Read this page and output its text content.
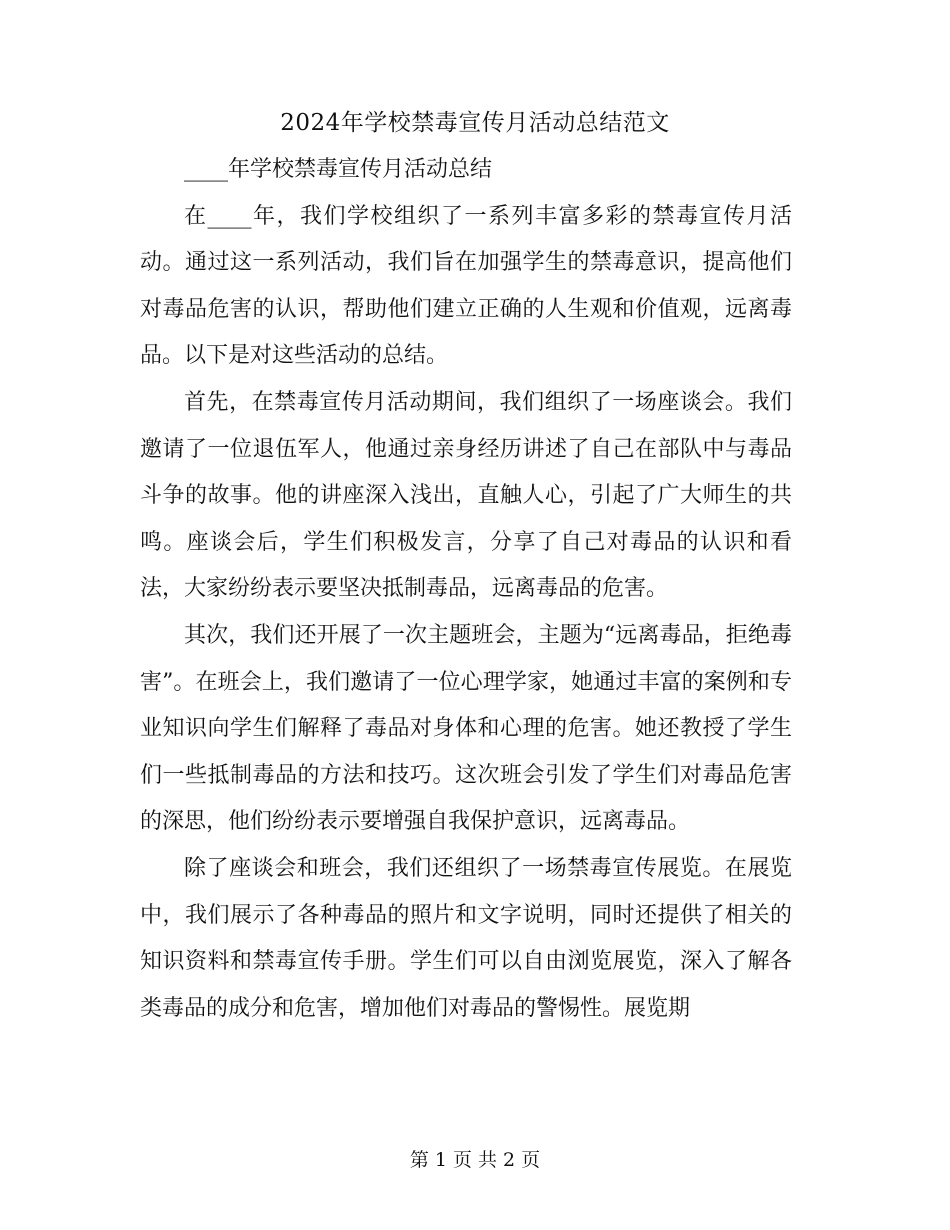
2024年学校禁毒宣传月活动总结范文

____年学校禁毒宣传月活动总结

在____年，我们学校组织了一系列丰富多彩的禁毒宣传月活动。通过这一系列活动，我们旨在加强学生的禁毒意识，提高他们对毒品危害的认识，帮助他们建立正确的人生观和价值观，远离毒品。以下是对这些活动的总结。

首先，在禁毒宣传月活动期间，我们组织了一场座谈会。我们邀请了一位退伍军人，他通过亲身经历讲述了自己在部队中与毒品斗争的故事。他的讲座深入浅出，直触人心，引起了广大师生的共鸣。座谈会后，学生们积极发言，分享了自己对毒品的认识和看法，大家纷纷表示要坚决抵制毒品，远离毒品的危害。

其次，我们还开展了一次主题班会，主题为“远离毒品，拒绝毒害”。在班会上，我们邀请了一位心理学家，她通过丰富的案例和专业知识向学生们解释了毒品对身体和心理的危害。她还教授了学生们一些抵制毒品的方法和技巧。这次班会引发了学生们对毒品危害的深思，他们纷纷表示要增强自我保护意识，远离毒品。

除了座谈会和班会，我们还组织了一场禁毒宣传展览。在展览中，我们展示了各种毒品的照片和文字说明，同时还提供了相关的知识资料和禁毒宣传手册。学生们可以自由浏览展览，深入了解各类毒品的成分和危害，增加他们对毒品的警惕性。展览期

第 1 页 共 2 页
